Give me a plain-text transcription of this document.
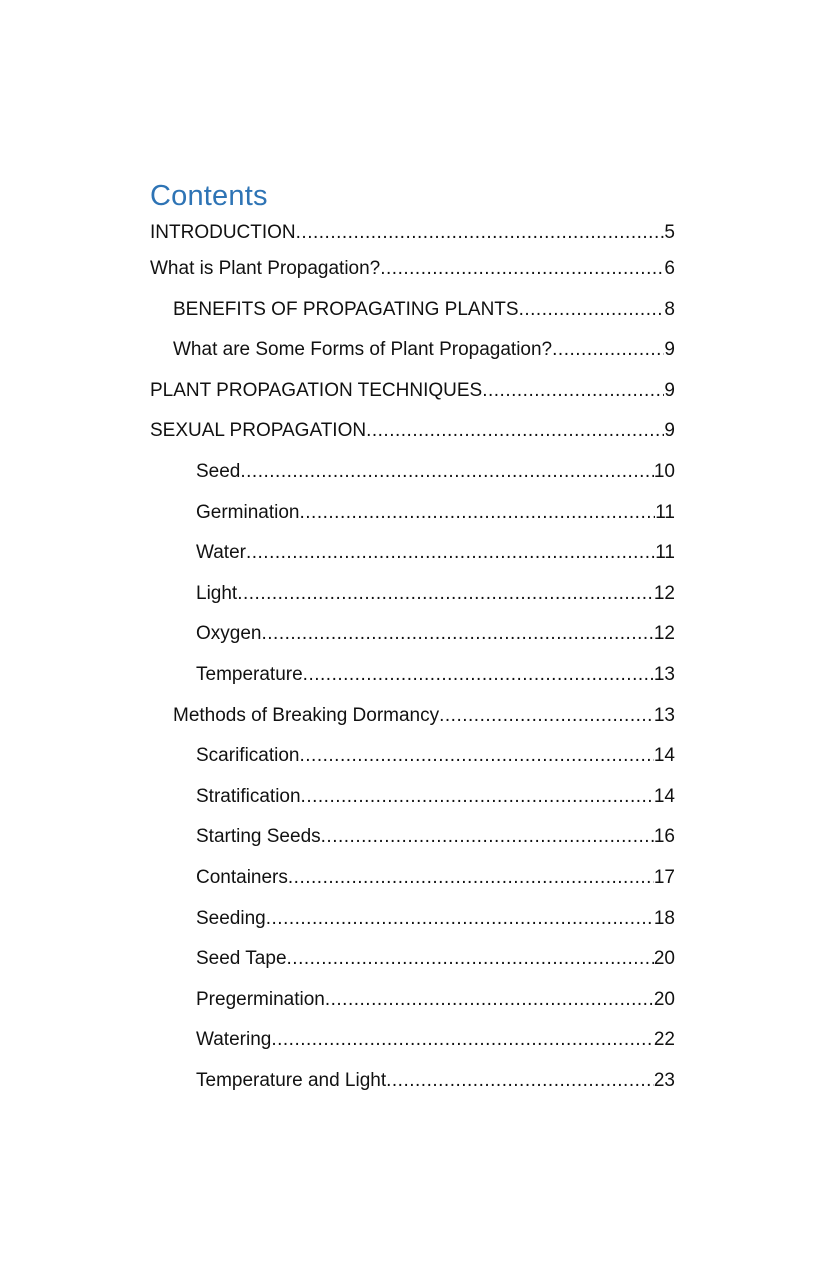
Contents
INTRODUCTION .....	5
What is Plant Propagation? .....	6
BENEFITS OF PROPAGATING PLANTS .....	8
What are Some Forms of Plant Propagation? .....	9
PLANT PROPAGATION TECHNIQUES .....	9
SEXUAL PROPAGATION .....	9
Seed .....	10
Germination .....	11
Water .....	11
Light .....	12
Oxygen .....	12
Temperature .....	13
Methods of Breaking Dormancy .....	13
Scarification .....	14
Stratification .....	14
Starting Seeds .....	16
Containers .....	17
Seeding .....	18
Seed Tape .....	20
Pregermination .....	20
Watering .....	22
Temperature and Light .....	23
